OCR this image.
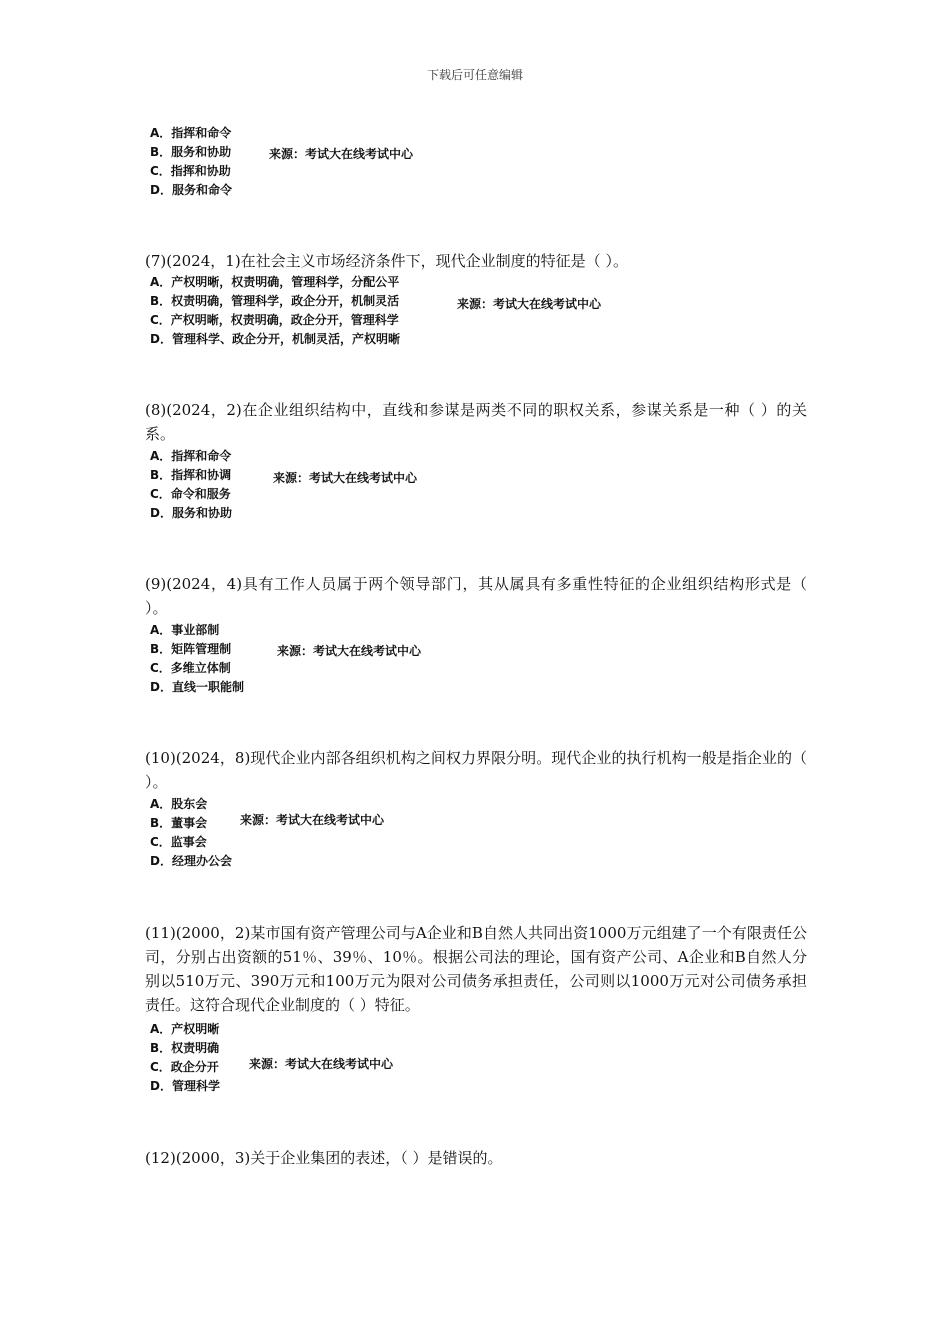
下载后可任意编辑
A．指挥和命令
B．服务和协助
C．指挥和协助
D．服务和命令
来源：考试大在线考试中心
(7)(2024，1)在社会主义市场经济条件下，现代企业制度的特征是（ ）。
A．产权明晰，权责明确，管理科学，分配公平
B．权责明确，管理科学，政企分开，机制灵活
C．产权明晰，权责明确，政企分开，管理科学
D．管理科学、政企分开，机制灵活，产权明晰
来源：考试大在线考试中心
(8)(2024，2)在企业组织结构中，直线和参谋是两类不同的职权关系，参谋关系是一种（ ）的关系。
A．指挥和命令
B．指挥和协调
C．命令和服务
D．服务和协助
来源：考试大在线考试中心
(9)(2024，4)具有工作人员属于两个领导部门，其从属具有多重性特征的企业组织结构形式是（ ）。
A．事业部制
B．矩阵管理制
C．多维立体制
D．直线一职能制
来源：考试大在线考试中心
(10)(2024，8)现代企业内部各组织机构之间权力界限分明。现代企业的执行机构一般是指企业的（ ）。
A．股东会
B．董事会
C．监事会
D．经理办公会
来源：考试大在线考试中心
(11)(2000，2)某市国有资产管理公司与A企业和B自然人共同出资1000万元组建了一个有限责任公司，分别占出资额的51％、39％、10％。根据公司法的理论，国有资产公司、A企业和B自然人分别以510万元、390万元和100万元为限对公司债务承担责任，公司则以1000万元对公司债务承担责任。这符合现代企业制度的（ ）特征。
A．产权明晰
B．权责明确
C．政企分开
D．管理科学
来源：考试大在线考试中心
(12)(2000，3)关于企业集团的表述，（ ）是错误的。
